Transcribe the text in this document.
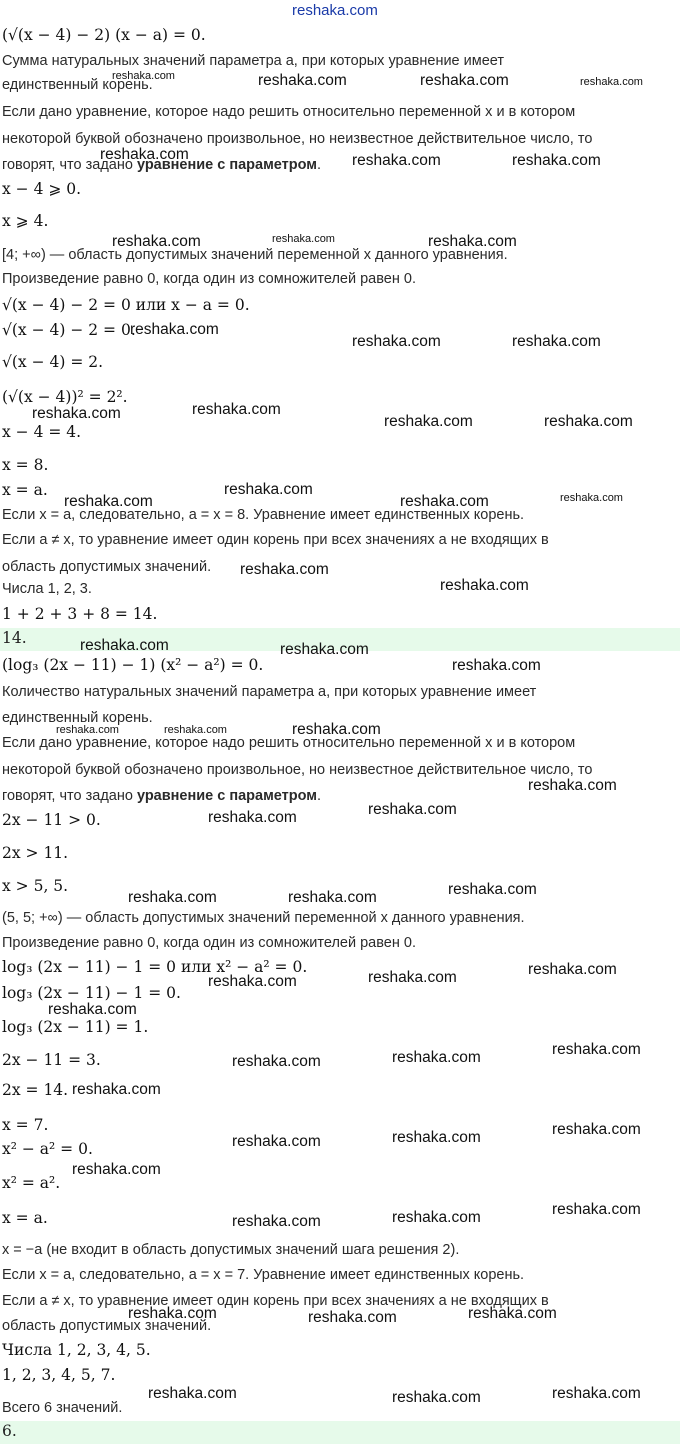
reshaka.com
(√(x − 4) − 2) (x − a) = 0.
Сумма натуральных значений параметра a, при которых уравнение имеет
единственный корень.
Если дано уравнение, которое надо решить относительно переменной x и в котором
некоторой буквой обозначено произвольное, но неизвестное действительное число, то
говорят, что задано уравнение с параметром.
x − 4 ⩾ 0.
x ⩾ 4.
[4; +∞) — область допустимых значений переменной x данного уравнения.
Произведение равно 0, когда один из сомножителей равен 0.
√(x − 4) − 2 = 0 или x − a = 0.
√(x − 4) − 2 = 0.
√(x − 4) = 2.
(√(x − 4))² = 2².
x − 4 = 4.
x = 8.
x = a.
Если x = a, следовательно, a = x = 8. Уравнение имеет единственных корень.
Если a ≠ x, то уравнение имеет один корень при всех значениях a не входящих в
область допустимых значений.
Числа 1, 2, 3.
1 + 2 + 3 + 8 = 14.
14.
(log₃ (2x − 11) − 1) (x² − a²) = 0.
Количество натуральных значений параметра a, при которых уравнение имеет
единственный корень.
Если дано уравнение, которое надо решить относительно переменной x и в котором
некоторой буквой обозначено произвольное, но неизвестное действительное число, то
говорят, что задано уравнение с параметром.
2x − 11 > 0.
2x > 11.
x > 5, 5.
(5, 5; +∞) — область допустимых значений переменной x данного уравнения.
Произведение равно 0, когда один из сомножителей равен 0.
log₃ (2x − 11) − 1 = 0 или x² − a² = 0.
log₃ (2x − 11) − 1 = 0.
log₃ (2x − 11) = 1.
2x − 11 = 3.
2x = 14.
x = 7.
x² − a² = 0.
x² = a².
x = a.
x = −a (не входит в область допустимых значений шага решения 2).
Если x = a, следовательно, a = x = 7. Уравнение имеет единственных корень.
Если a ≠ x, то уравнение имеет один корень при всех значениях a не входящих в
область допустимых значений.
Числа 1, 2, 3, 4, 5.
1, 2, 3, 4, 5, 7.
Всего 6 значений.
6.
reshaka.com	reshaka.com	reshaka.com	reshaka.com
reshaka.com	reshaka.com	reshaka.com
reshaka.com	reshaka.com	reshaka.com
reshaka.com
reshaka.com	reshaka.com
reshaka.com	reshaka.com
reshaka.com	reshaka.com
reshaka.com
reshaka.com
reshaka.com	reshaka.com
reshaka.com
reshaka.com
reshaka.com	reshaka.com
reshaka.com
reshaka.com	reshaka.com	reshaka.com
reshaka.com
reshaka.com	reshaka.com
reshaka.com	reshaka.com	reshaka.com
reshaka.com
reshaka.com	reshaka.com
reshaka.com
reshaka.com	reshaka.com	reshaka.com
reshaka.com
reshaka.com	reshaka.com	reshaka.com
reshaka.com
reshaka.com	reshaka.com	reshaka.com
reshaka.com	reshaka.com	reshaka.com
reshaka.com	reshaka.com	reshaka.com
